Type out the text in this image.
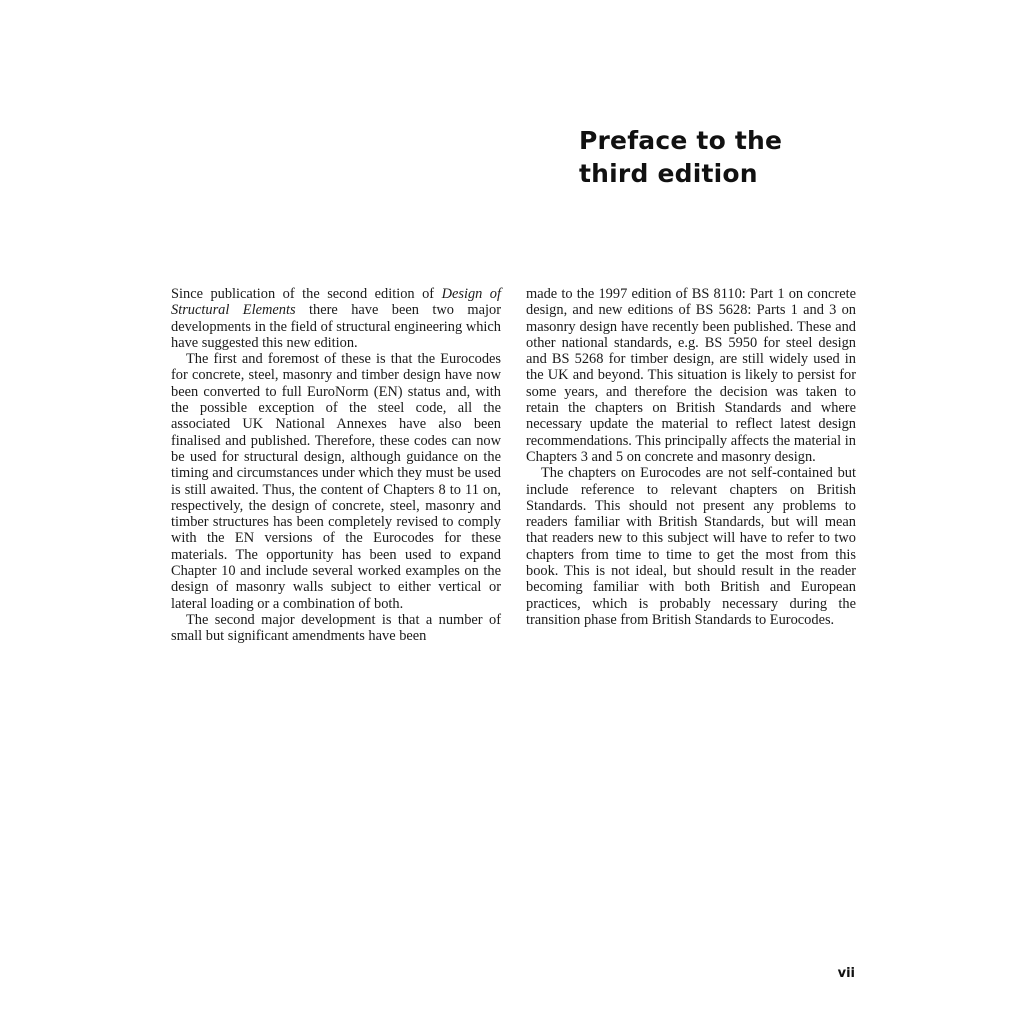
Preface to the
third edition

Since publication of the second edition of Design of Structural Elements there have been two major developments in the field of structural engineering which have suggested this new edition.

The first and foremost of these is that the Eurocodes for concrete, steel, masonry and timber design have now been converted to full EuroNorm (EN) status and, with the possible exception of the steel code, all the associated UK National Annexes have also been finalised and published. Therefore, these codes can now be used for structural design, although guidance on the timing and circumstances under which they must be used is still awaited. Thus, the content of Chapters 8 to 11 on, respectively, the design of concrete, steel, masonry and timber structures has been completely revised to comply with the EN versions of the Eurocodes for these materials. The opportunity has been used to expand Chapter 10 and include several worked examples on the design of masonry walls subject to either vertical or lateral loading or a combination of both.

The second major development is that a number of small but significant amendments have been

made to the 1997 edition of BS 8110: Part 1 on concrete design, and new editions of BS 5628: Parts 1 and 3 on masonry design have recently been published. These and other national standards, e.g. BS 5950 for steel design and BS 5268 for timber design, are still widely used in the UK and beyond. This situation is likely to persist for some years, and therefore the decision was taken to retain the chapters on British Standards and where necessary update the material to reflect latest design recommendations. This principally affects the material in Chapters 3 and 5 on concrete and masonry design.

The chapters on Eurocodes are not self-contained but include reference to relevant chapters on British Standards. This should not present any problems to readers familiar with British Standards, but will mean that readers new to this subject will have to refer to two chapters from time to time to get the most from this book. This is not ideal, but should result in the reader becoming familiar with both British and European practices, which is probably necessary during the transition phase from British Standards to Eurocodes.

vii
